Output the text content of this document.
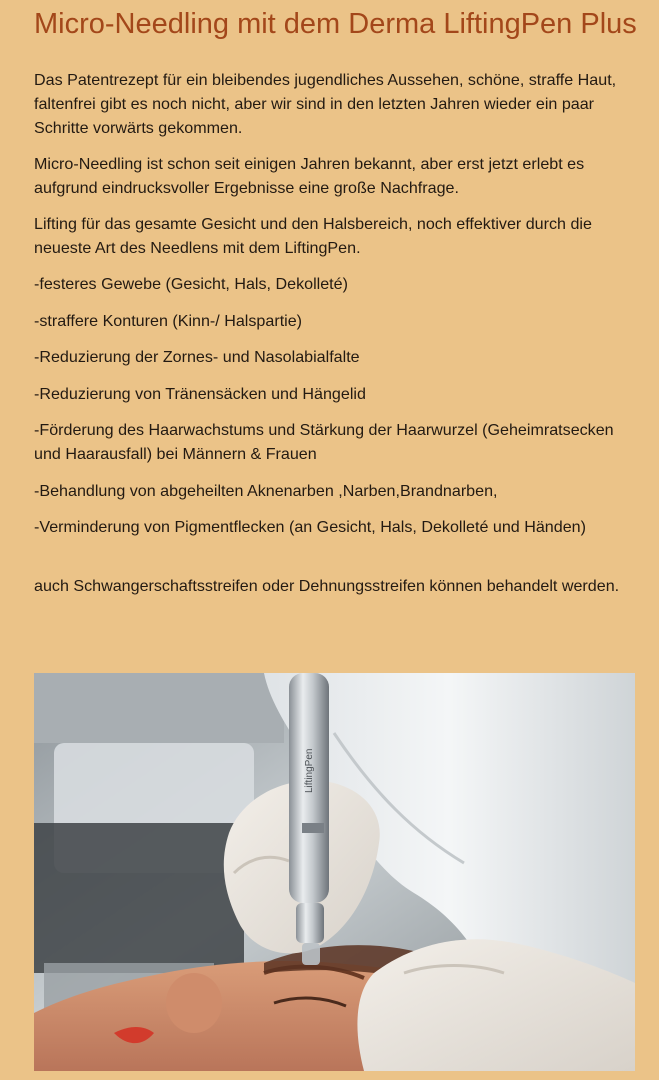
Micro-Needling mit dem Derma LiftingPen Plus

Das Patentrezept für ein bleibendes jugendliches Aussehen, schöne, straffe Haut, faltenfrei gibt es noch nicht, aber wir sind in den letzten Jahren wieder ein paar Schritte vorwärts gekommen.

Micro-Needling ist schon seit einigen Jahren bekannt, aber erst jetzt erlebt es aufgrund eindrucksvoller Ergebnisse eine große Nachfrage.

Lifting für das gesamte Gesicht und den Halsbereich, noch effektiver durch die neueste Art des Needlens mit dem LiftingPen.

-festeres Gewebe (Gesicht, Hals, Dekolleté)

-straffere Konturen (Kinn-/ Halspartie)

-Reduzierung der Zornes- und Nasolabialfalte

-Reduzierung von Tränensäcken und Hängelid

-Förderung des Haarwachstums und Stärkung der Haarwurzel (Geheimratsecken und Haarausfall) bei Männern & Frauen

-Behandlung von abgeheilten Aknenarben ,Narben,Brandnarben,

-Verminderung von Pigmentflecken (an Gesicht, Hals, Dekolleté und Händen)

auch Schwangerschaftsstreifen oder Dehnungsstreifen können behandelt werden.

LiftingPen
